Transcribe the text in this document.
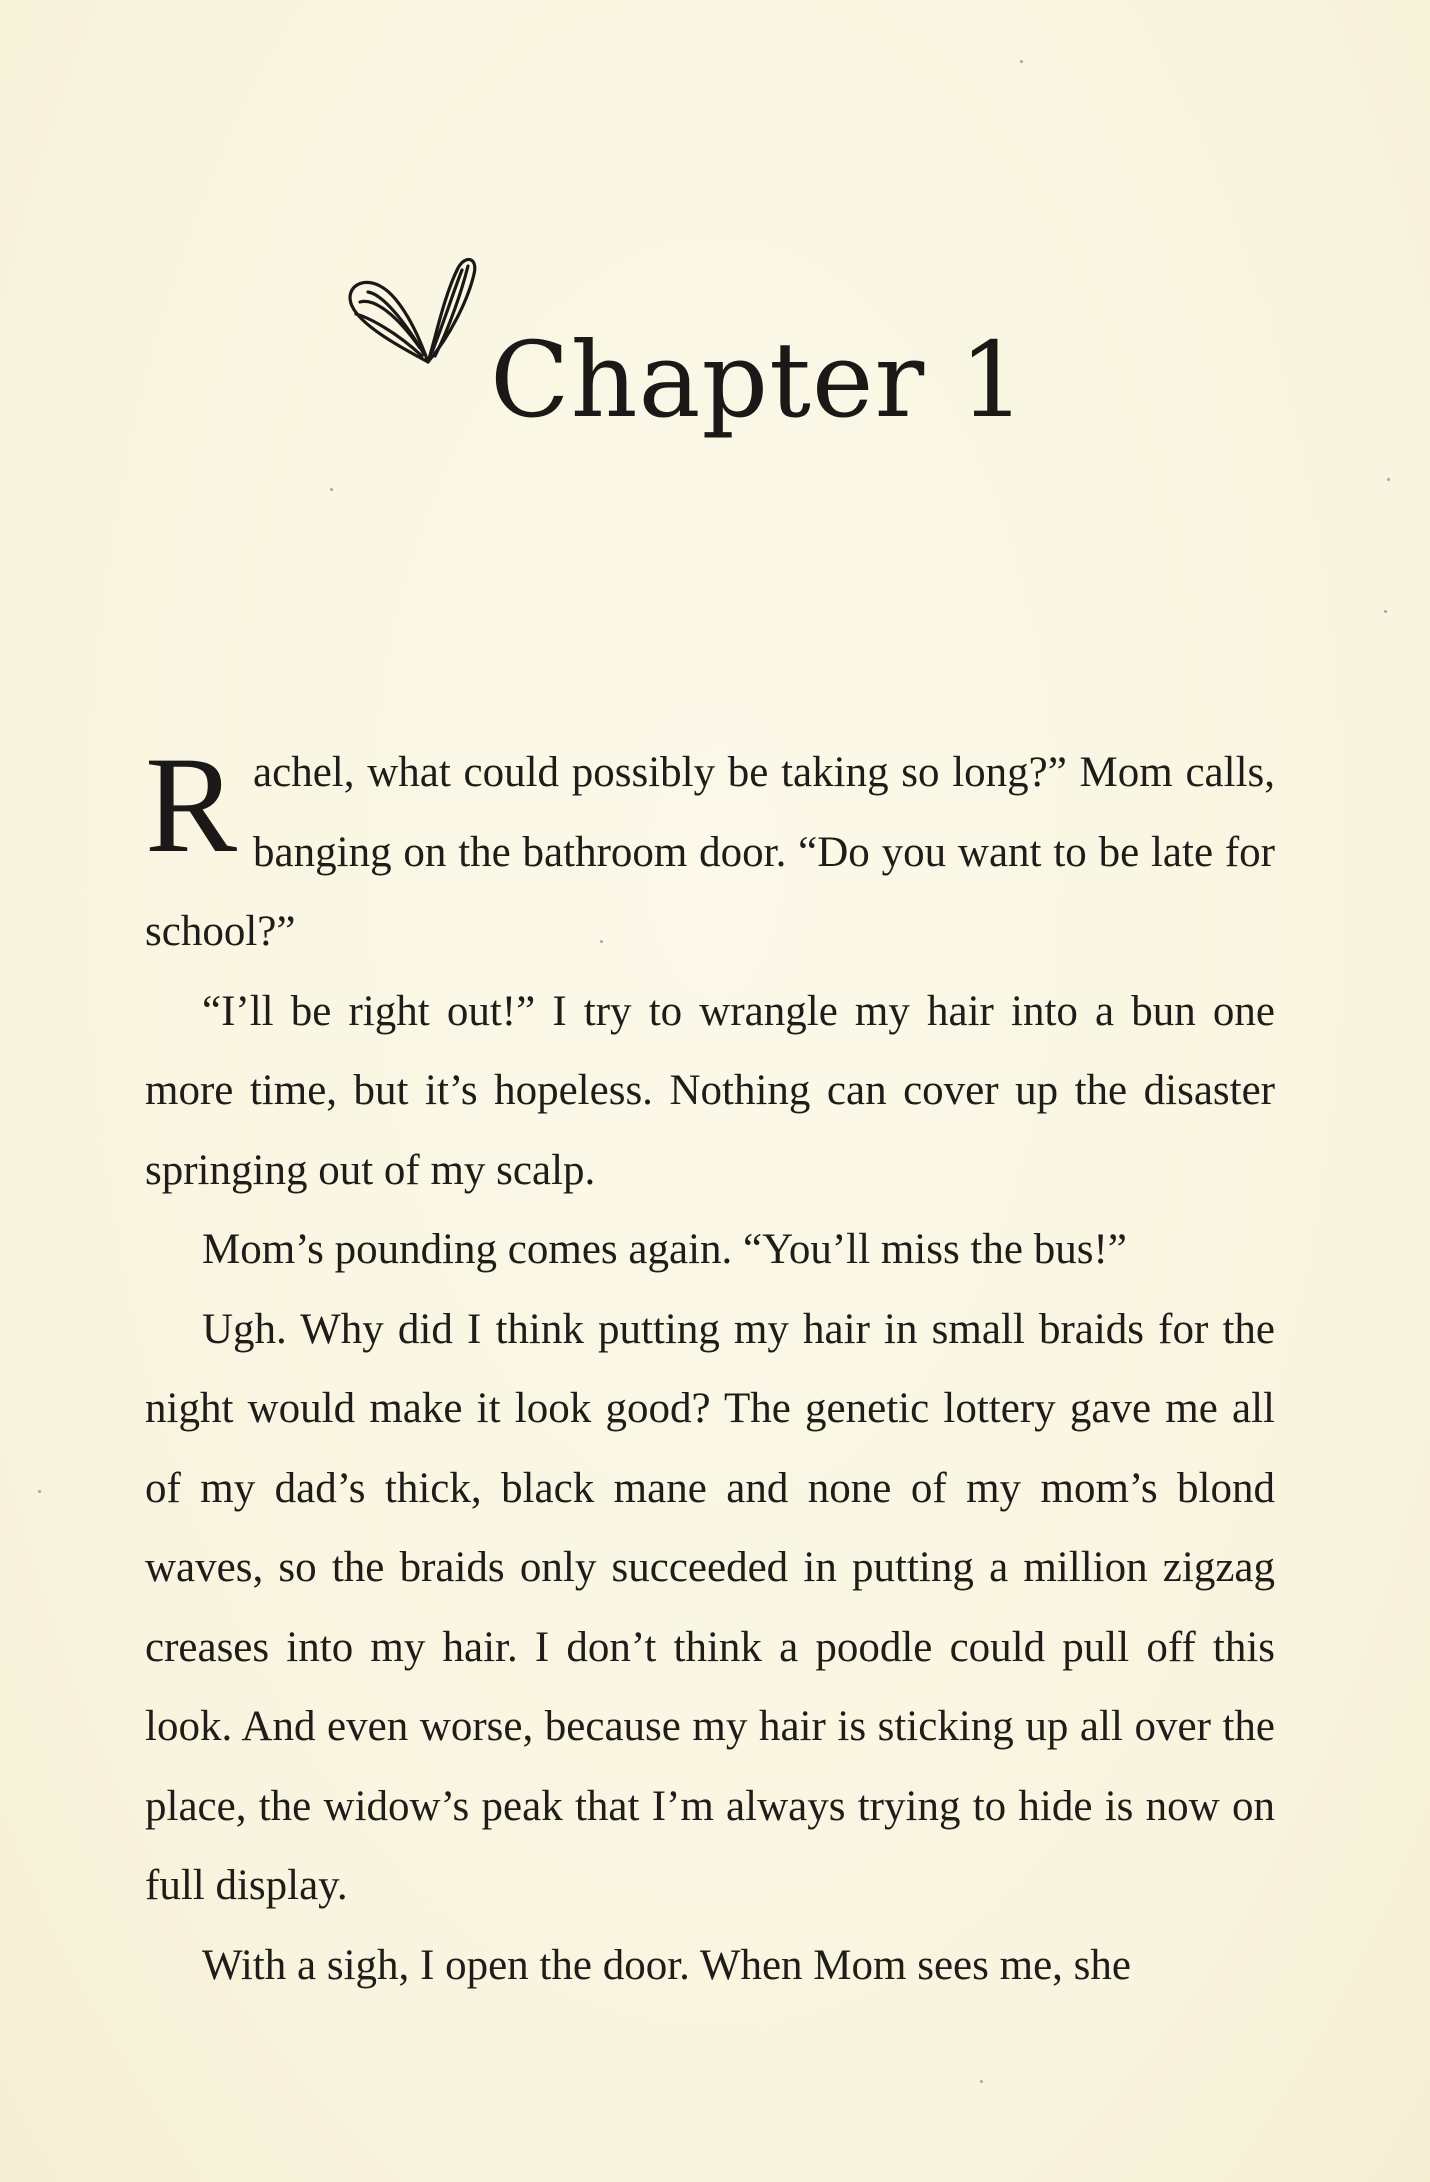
Chapter 1

Rachel, what could possibly be taking so long?” Mom calls, banging on the bathroom door. “Do you want to be late for school?”

“I’ll be right out!” I try to wrangle my hair into a bun one more time, but it’s hopeless. Nothing can cover up the disaster springing out of my scalp.

Mom’s pounding comes again. “You’ll miss the bus!”

Ugh. Why did I think putting my hair in small braids for the night would make it look good? The genetic lottery gave me all of my dad’s thick, black mane and none of my mom’s blond waves, so the braids only succeeded in putting a million zigzag creases into my hair. I don’t think a poodle could pull off this look. And even worse, because my hair is sticking up all over the place, the widow’s peak that I’m always trying to hide is now on full display.

With a sigh, I open the door. When Mom sees me, she
